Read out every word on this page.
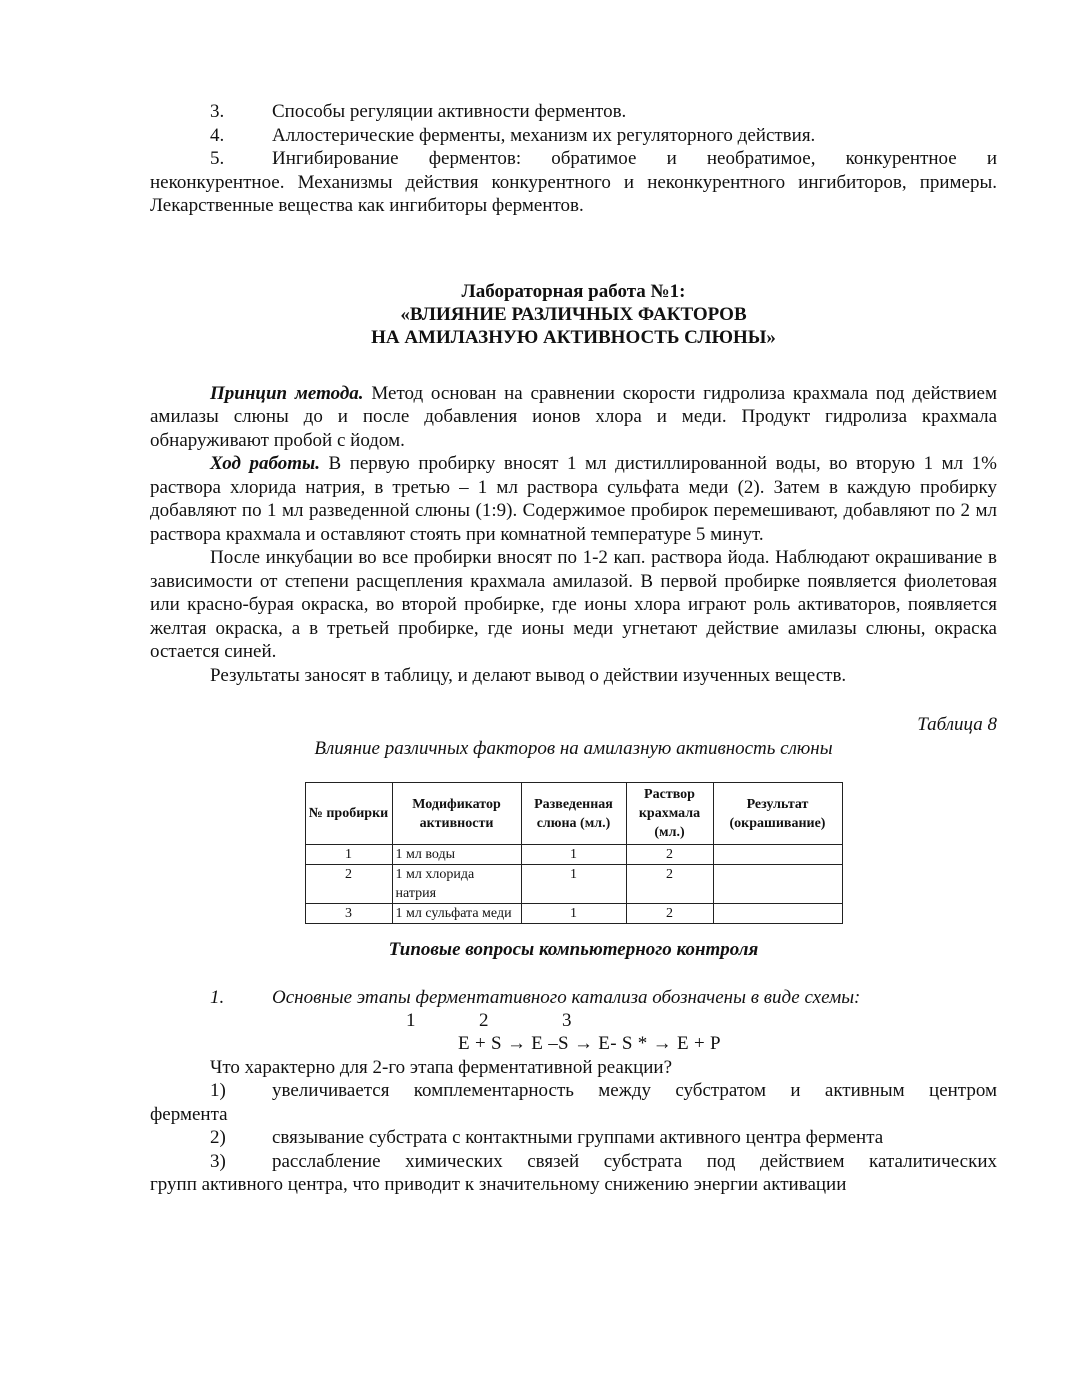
3.	Способы регуляции активности ферментов.
4.	Аллостерические ферменты, механизм их регуляторного действия.
5.	Ингибирование ферментов: обратимое и необратимое, конкурентное и

неконкурентное. Механизмы действия конкурентного и неконкурентного ингибиторов, примеры. Лекарственные вещества как ингибиторы ферментов.

Лабораторная работа №1:
«ВЛИЯНИЕ РАЗЛИЧНЫХ ФАКТОРОВ
НА АМИЛАЗНУЮ АКТИВНОСТЬ СЛЮНЫ»

Принцип метода. Метод основан на сравнении скорости гидролиза крахмала под действием амилазы слюны до и после добавления ионов хлора и меди. Продукт гидролиза крахмала обнаруживают пробой с йодом.

Ход работы. В первую пробирку вносят 1 мл дистиллированной воды, во вторую 1 мл 1% раствора хлорида натрия, в третью – 1 мл раствора сульфата меди (2). Затем в каждую пробирку добавляют по 1 мл разведенной слюны (1:9). Содержимое пробирок перемешивают, добавляют по 2 мл раствора крахмала и оставляют стоять при комнатной температуре 5 минут.

После инкубации во все пробирки вносят по 1-2 кап. раствора йода. Наблюдают окрашивание в зависимости от степени расщепления крахмала амилазой. В первой пробирке появляется фиолетовая или красно-бурая окраска, во второй пробирке, где ионы хлора играют роль активаторов, появляется желтая окраска, а в третьей пробирке, где ионы меди угнетают действие амилазы слюны, окраска остается синей.

Результаты заносят в таблицу, и делают вывод о действии изученных веществ.

Таблица 8

Влияние различных факторов на амилазную активность слюны

№ пробирки	Модификатор активности	Разведенная слюна (мл.)	Раствор крахмала (мл.)	Результат (окрашивание)
1	1 мл воды	1	2	
2	1 мл хлорида натрия	1	2	
3	1 мл сульфата меди	1	2	

Типовые вопросы компьютерного контроля

1.	Основные этапы ферментативного катализа обозначены в виде схемы:
1	2	3

E + S → E –S → E- S * → E + P

Что характерно для 2-го этапа ферментативной реакции?

1)	увеличивается комплементарность между субстратом и активным центром

фермента

2)	связывание субстрата с контактными группами активного центра фермента
3)	расслабление химических связей субстрата под действием каталитических

групп активного центра, что приводит к значительному снижению энергии активации
